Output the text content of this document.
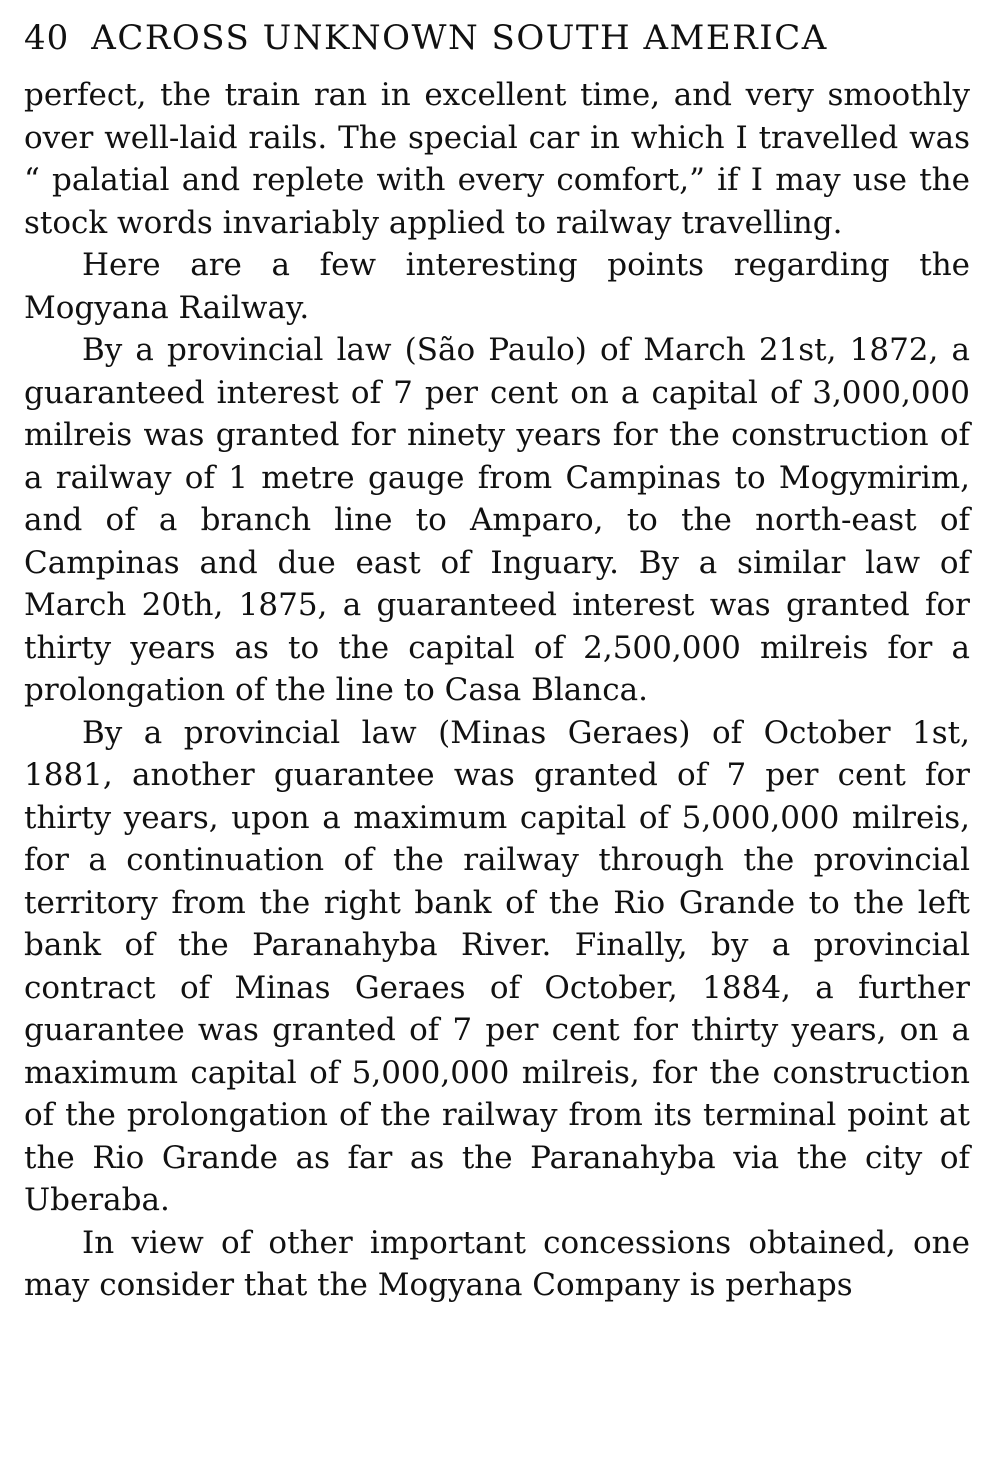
40 ACROSS UNKNOWN SOUTH AMERICA

perfect, the train ran in excellent time, and very smoothly over well-laid rails. The special car in which I travelled was “ palatial and replete with every comfort,” if I may use the stock words invariably applied to railway travelling.

Here are a few interesting points regarding the Mogyana Railway.

By a provincial law (São Paulo) of March 21st, 1872, a guaranteed interest of 7 per cent on a capital of 3,000,000 milreis was granted for ninety years for the construction of a railway of 1 metre gauge from Campinas to Mogymirim, and of a branch line to Amparo, to the north-east of Campinas and due east of Inguary. By a similar law of March 20th, 1875, a guaranteed interest was granted for thirty years as to the capital of 2,500,000 milreis for a prolongation of the line to Casa Blanca.

By a provincial law (Minas Geraes) of October 1st, 1881, another guarantee was granted of 7 per cent for thirty years, upon a maximum capital of 5,000,000 milreis, for a continuation of the railway through the provincial territory from the right bank of the Rio Grande to the left bank of the Paranahyba River. Finally, by a provincial contract of Minas Geraes of October, 1884, a further guarantee was granted of 7 per cent for thirty years, on a maximum capital of 5,000,000 milreis, for the construction of the prolongation of the railway from its terminal point at the Rio Grande as far as the Paranahyba via the city of Uberaba.

In view of other important concessions obtained, one may consider that the Mogyana Company is perhaps
